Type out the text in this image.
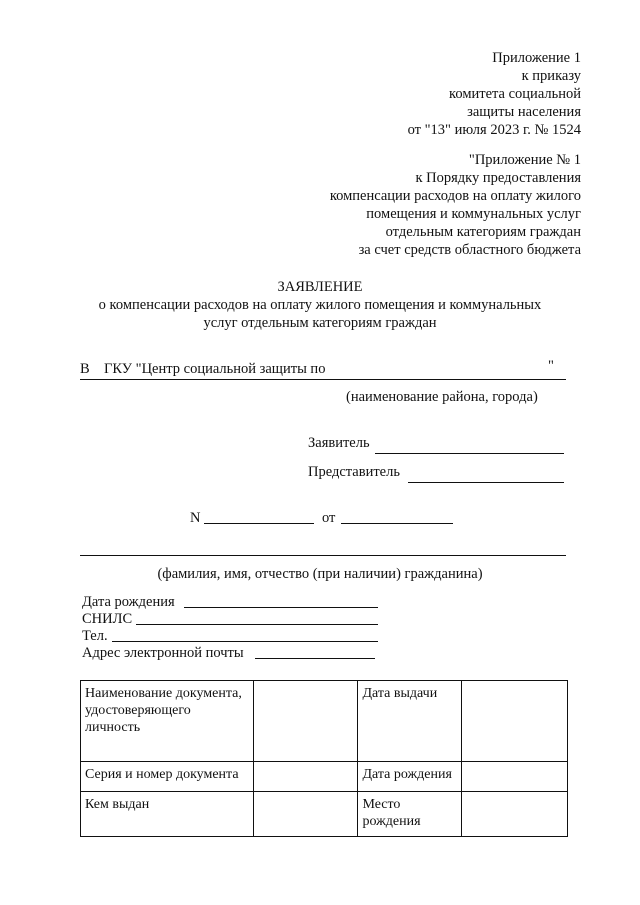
Приложение 1
к приказу
комитета социальной
защиты населения
от "13" июля 2023 г. № 1524
"Приложение № 1
к Порядку предоставления
компенсации расходов на оплату жилого
помещения и коммунальных услуг
отдельным категориям граждан
за счет средств областного бюджета
ЗАЯВЛЕНИЕ
о компенсации расходов на оплату жилого помещения и коммунальных
услуг отдельным категориям граждан
В ГКУ "Центр социальной защиты по	"
(наименование района, города)
Заявитель
Представитель
N	от
(фамилия, имя, отчество (при наличии) гражданина)
Дата рождения
СНИЛС
Тел.
Адрес электронной почты
Наименование документа, удостоверяющего личность		Дата выдачи	
Серия и номер документа		Дата рождения	
Кем выдан		Место рождения	
